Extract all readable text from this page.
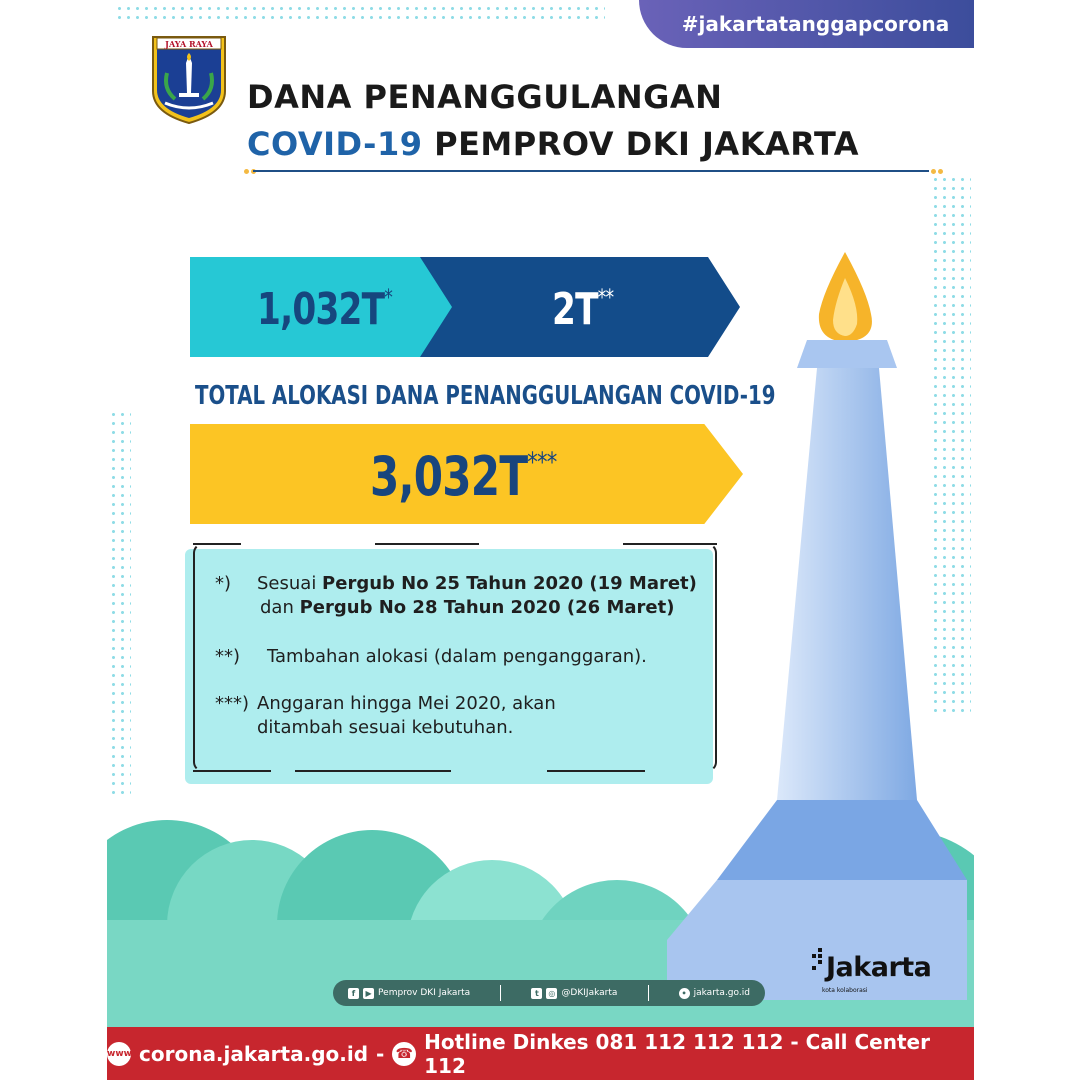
#jakartatanggapcorona
JAYA RAYA
DANA PENANGGULANGAN
COVID-19 PEMPROV DKI JAKARTA
1,032T*	2T**
TOTAL ALOKASI DANA PENANGGULANGAN COVID-19
3,032T***
*) Sesuai Pergub No 25 Tahun 2020 (19 Maret)
dan Pergub No 28 Tahun 2020 (26 Maret)
**) Tambahan alokasi (dalam penganggaran).
***) Anggaran hingga Mei 2020, akan
ditambah sesuai kebutuhan.
f	▶ Pemprov DKI Jakarta	t	◎ @DKIJakarta	• jakarta.go.id
Jakarta
kota kolaborasi
www corona.jakarta.go.id - ☎ Hotline Dinkes 081 112 112 112 - Call Center 112
